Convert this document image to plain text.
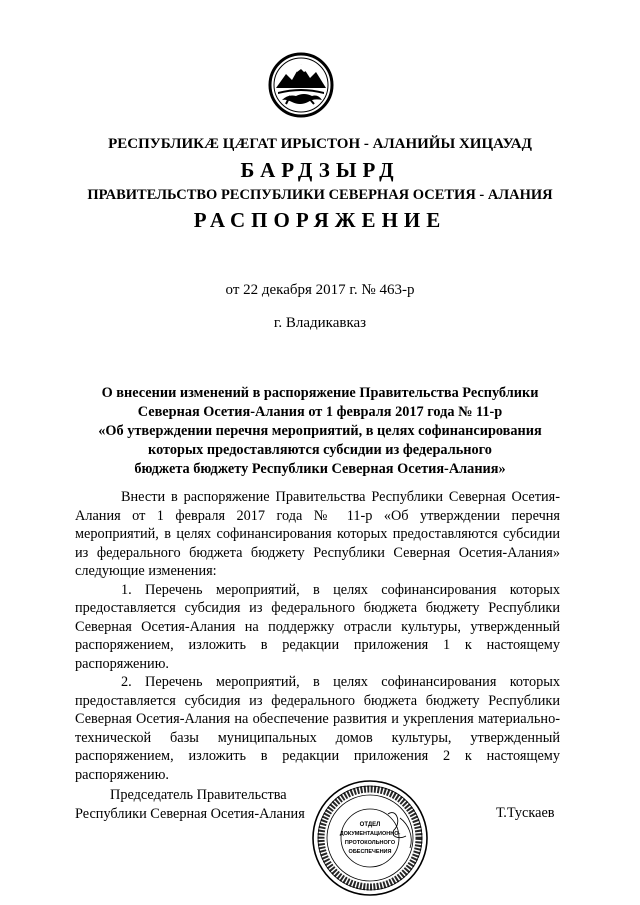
РЕСПУБЛИКӔ ЦӔГАТ ИРЫСТОН - АЛАНИЙЫ ХИЦАУАД
БАРДЗЫРД
ПРАВИТЕЛЬСТВО РЕСПУБЛИКИ СЕВЕРНАЯ ОСЕТИЯ - АЛАНИЯ
РАСПОРЯЖЕНИЕ
от 22 декабря 2017 г. № 463-р
г. Владикавказ
О внесении изменений в распоряжение Правительства Республики
Северная Осетия-Алания от 1 февраля 2017 года № 11-р
«Об утверждении перечня мероприятий, в целях софинансирования
которых предоставляются субсидии из федерального
бюджета бюджету Республики Северная Осетия-Алания»

Внести в распоряжение Правительства Республики Северная Осетия-Алания от 1 февраля 2017 года № 11-р «Об утверждении перечня мероприятий, в целях софинансирования которых предоставляются субсидии из федерального бюджета бюджету Республики Северная Осетия-Алания» следующие изменения:

1. Перечень мероприятий, в целях софинансирования которых предоставляется субсидия из федерального бюджета бюджету Республики Северная Осетия-Алания на поддержку отрасли культуры, утвержденный распоряжением, изложить в редакции приложения 1 к настоящему распоряжению.

2. Перечень мероприятий, в целях софинансирования которых предоставляется субсидия из федерального бюджета бюджету Республики Северная Осетия-Алания на обеспечение развития и укрепления материально-технической базы муниципальных домов культуры, утвержденный распоряжением, изложить в редакции приложения 2 к настоящему распоряжению.

Председатель Правительства
Республики Северная Осетия-Алания
ОТДЕЛ
ДОКУМЕНТАЦИОННО-
ПРОТОКОЛЬНОГО
ОБЕСПЕЧЕНИЯ
Т.Тускаев
